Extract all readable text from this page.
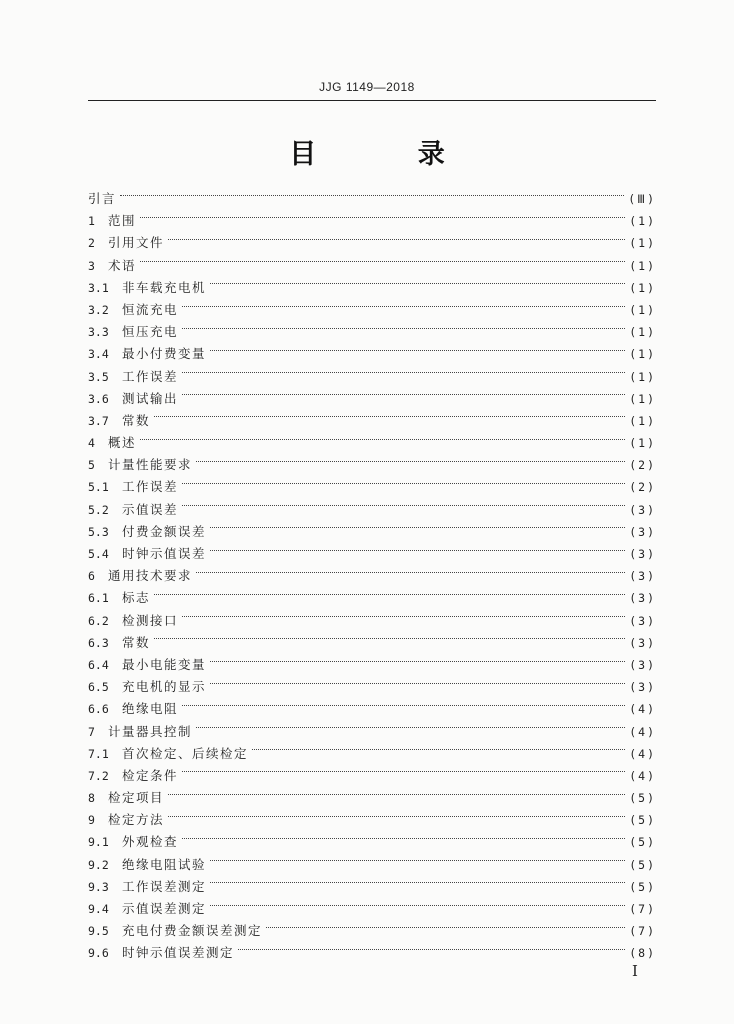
JJG 1149—2018
目 录
引言	(Ⅲ)
1	范围	(1)
2	引用文件	(1)
3	术语	(1)
3.1	非车载充电机	(1)
3.2	恒流充电	(1)
3.3	恒压充电	(1)
3.4	最小付费变量	(1)
3.5	工作误差	(1)
3.6	测试输出	(1)
3.7	常数	(1)
4	概述	(1)
5	计量性能要求	(2)
5.1	工作误差	(2)
5.2	示值误差	(3)
5.3	付费金额误差	(3)
5.4	时钟示值误差	(3)
6	通用技术要求	(3)
6.1	标志	(3)
6.2	检测接口	(3)
6.3	常数	(3)
6.4	最小电能变量	(3)
6.5	充电机的显示	(3)
6.6	绝缘电阻	(4)
7	计量器具控制	(4)
7.1	首次检定、后续检定	(4)
7.2	检定条件	(4)
8	检定项目	(5)
9	检定方法	(5)
9.1	外观检查	(5)
9.2	绝缘电阻试验	(5)
9.3	工作误差测定	(5)
9.4	示值误差测定	(7)
9.5	充电付费金额误差测定	(7)
9.6	时钟示值误差测定	(8)
I
